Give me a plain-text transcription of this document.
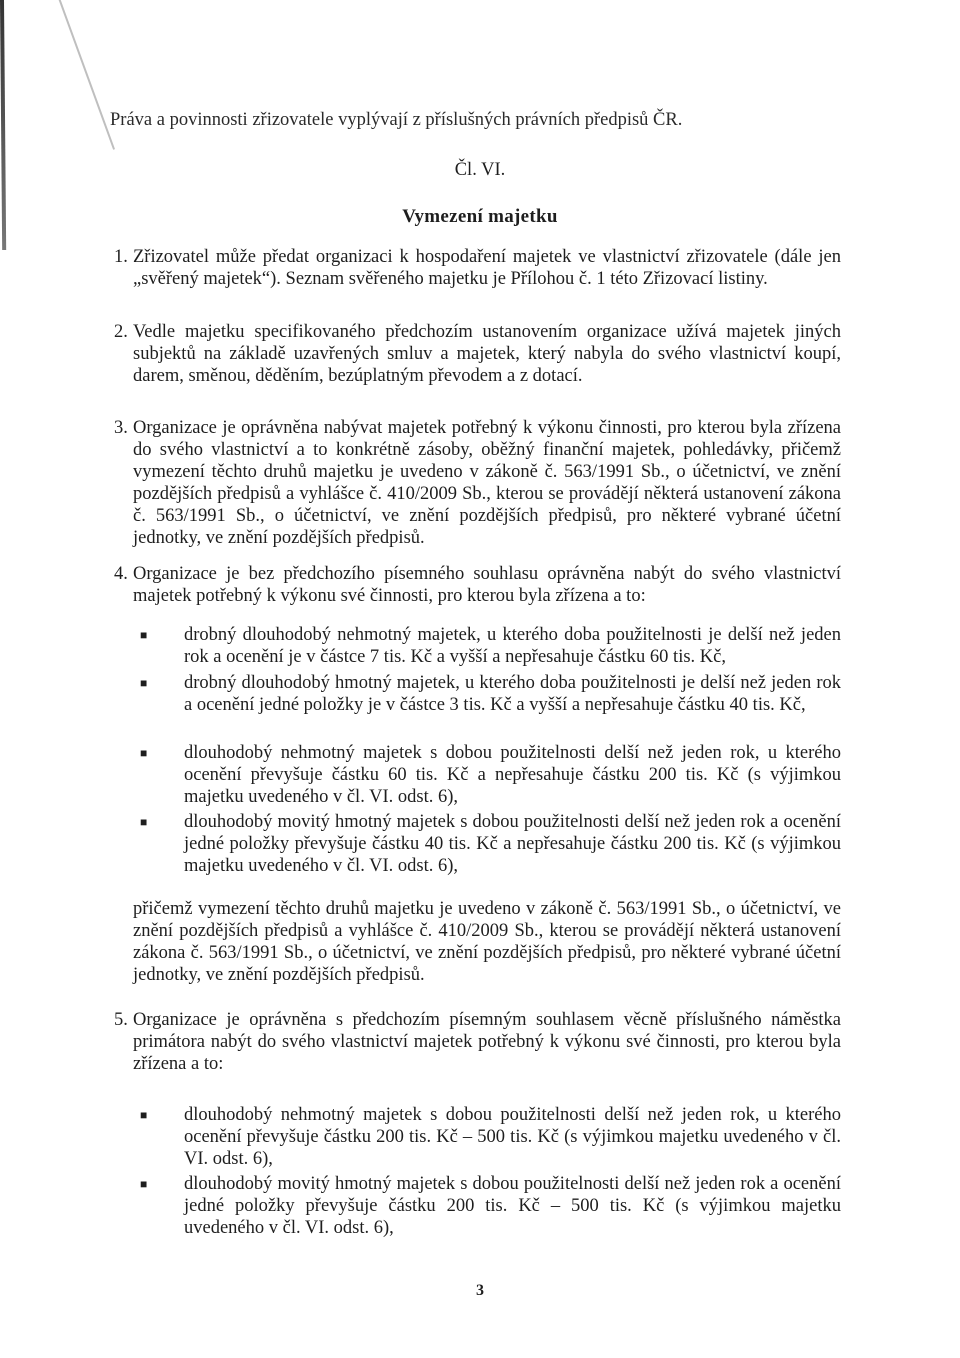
Práva a povinnosti zřizovatele vyplývají z příslušných právních předpisů ČR.
Čl. VI.
Vymezení majetku
1. Zřizovatel může předat organizaci k hospodaření majetek ve vlastnictví zřizovatele (dále jen „svěřený majetek“). Seznam svěřeného majetku je Přílohou č. 1 této Zřizovací listiny.
2. Vedle majetku specifikovaného předchozím ustanovením organizace užívá majetek jiných subjektů na základě uzavřených smluv a majetek, který nabyla do svého vlastnictví koupí, darem, směnou, děděním, bezúplatným převodem a z dotací.
3. Organizace je oprávněna nabývat majetek potřebný k výkonu činnosti, pro kterou byla zřízena do svého vlastnictví a to konkrétně zásoby, oběžný finanční majetek, pohledávky, přičemž vymezení těchto druhů majetku je uvedeno v zákoně č. 563/1991 Sb., o účetnictví, ve znění pozdějších předpisů a vyhlášce č. 410/2009 Sb., kterou se provádějí některá ustanovení zákona č. 563/1991 Sb., o účetnictví, ve znění pozdějších předpisů, pro některé vybrané účetní jednotky, ve znění pozdějších předpisů.
4. Organizace je bez předchozího písemného souhlasu oprávněna nabýt do svého vlastnictví majetek potřebný k výkonu své činnosti, pro kterou byla zřízena a to:
■ drobný dlouhodobý nehmotný majetek, u kterého doba použitelnosti je delší než jeden rok a ocenění je v částce 7 tis. Kč a vyšší a nepřesahuje částku 60 tis. Kč,
■ drobný dlouhodobý hmotný majetek, u kterého doba použitelnosti je delší než jeden rok a ocenění jedné položky je v částce 3 tis. Kč a vyšší a nepřesahuje částku 40 tis. Kč,
■ dlouhodobý nehmotný majetek s dobou použitelnosti delší než jeden rok, u kterého ocenění převyšuje částku 60 tis. Kč a nepřesahuje částku 200 tis. Kč (s výjimkou majetku uvedeného v čl. VI. odst. 6),
■ dlouhodobý movitý hmotný majetek s dobou použitelnosti delší než jeden rok a ocenění jedné položky převyšuje částku 40 tis. Kč a nepřesahuje částku 200 tis. Kč (s výjimkou majetku uvedeného v čl. VI. odst. 6),
přičemž vymezení těchto druhů majetku je uvedeno v zákoně č. 563/1991 Sb., o účetnictví, ve znění pozdějších předpisů a vyhlášce č. 410/2009 Sb., kterou se provádějí některá ustanovení zákona č. 563/1991 Sb., o účetnictví, ve znění pozdějších předpisů, pro některé vybrané účetní jednotky, ve znění pozdějších předpisů.
5. Organizace je oprávněna s předchozím písemným souhlasem věcně příslušného náměstka primátora nabýt do svého vlastnictví majetek potřebný k výkonu své činnosti, pro kterou byla zřízena a to:
■ dlouhodobý nehmotný majetek s dobou použitelnosti delší než jeden rok, u kterého ocenění převyšuje částku 200 tis. Kč – 500 tis. Kč (s výjimkou majetku uvedeného v čl. VI. odst. 6),
■ dlouhodobý movitý hmotný majetek s dobou použitelnosti delší než jeden rok a ocenění jedné položky převyšuje částku 200 tis. Kč – 500 tis. Kč (s výjimkou majetku uvedeného v čl. VI. odst. 6),
3
